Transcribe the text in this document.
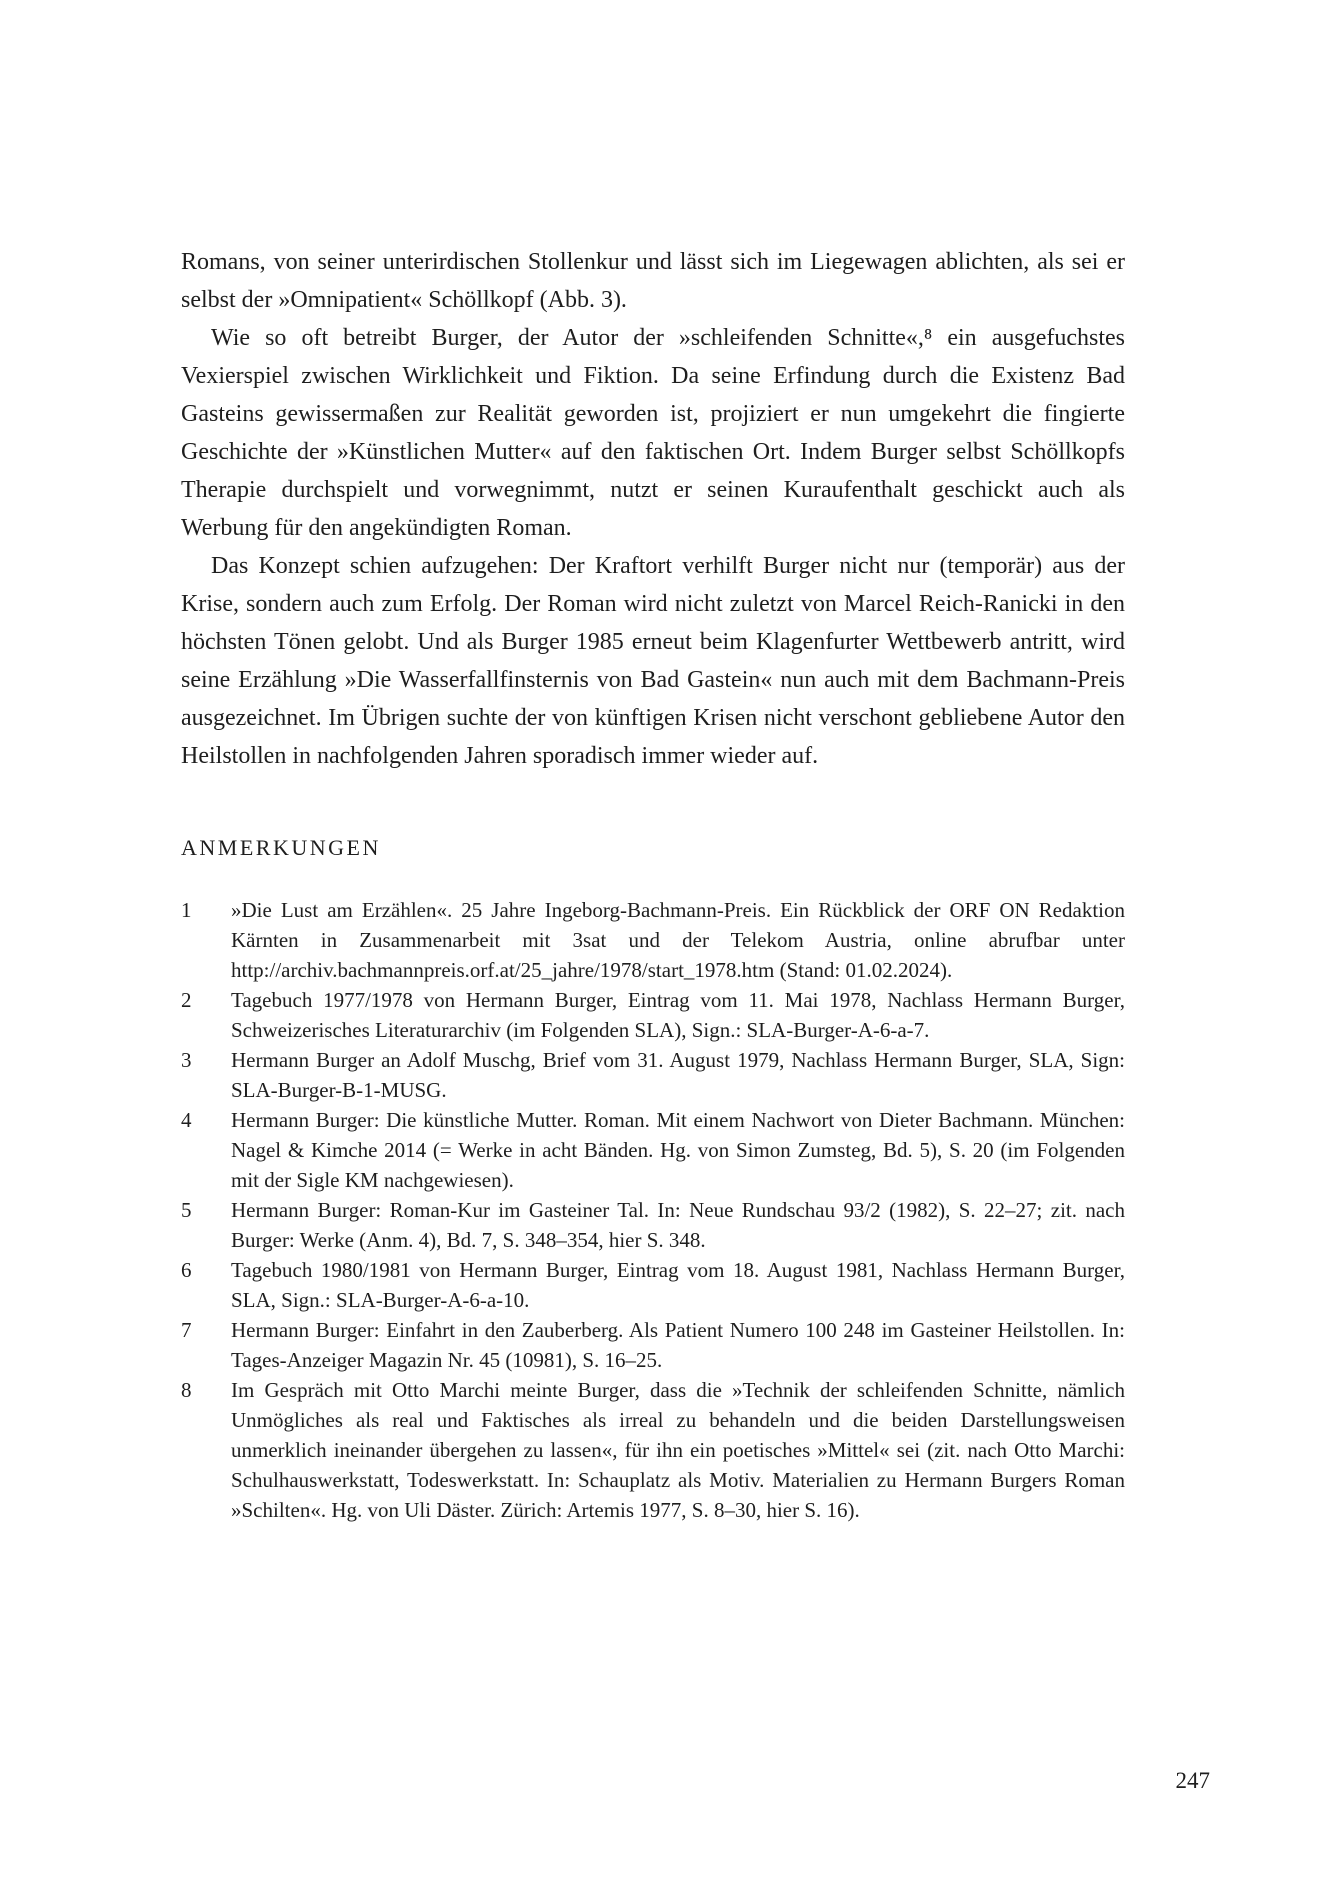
Romans, von seiner unterirdischen Stollenkur und lässt sich im Liegewagen ablichten, als sei er selbst der »Omnipatient« Schöllkopf (Abb. 3).

Wie so oft betreibt Burger, der Autor der »schleifenden Schnitte«,⁸ ein ausgefuchstes Vexierspiel zwischen Wirklichkeit und Fiktion. Da seine Erfindung durch die Existenz Bad Gasteins gewissermaßen zur Realität geworden ist, projiziert er nun umgekehrt die fingierte Geschichte der »Künstlichen Mutter« auf den faktischen Ort. Indem Burger selbst Schöllkopfs Therapie durchspielt und vorwegnimmt, nutzt er seinen Kuraufenthalt geschickt auch als Werbung für den angekündigten Roman.

Das Konzept schien aufzugehen: Der Kraftort verhilft Burger nicht nur (temporär) aus der Krise, sondern auch zum Erfolg. Der Roman wird nicht zuletzt von Marcel Reich-Ranicki in den höchsten Tönen gelobt. Und als Burger 1985 erneut beim Klagenfurter Wettbewerb antritt, wird seine Erzählung »Die Wasserfallfinsternis von Bad Gastein« nun auch mit dem Bachmann-Preis ausgezeichnet. Im Übrigen suchte der von künftigen Krisen nicht verschont gebliebene Autor den Heilstollen in nachfolgenden Jahren sporadisch immer wieder auf.

ANMERKUNGEN
1	»Die Lust am Erzählen«. 25 Jahre Ingeborg-Bachmann-Preis. Ein Rückblick der ORF ON Redaktion Kärnten in Zusammenarbeit mit 3sat und der Telekom Austria, online abrufbar unter http://archiv.bachmannpreis.orf.at/25_jahre/1978/start_1978.htm (Stand: 01.02.2024).
2	Tagebuch 1977/1978 von Hermann Burger, Eintrag vom 11. Mai 1978, Nachlass Hermann Burger, Schweizerisches Literaturarchiv (im Folgenden SLA), Sign.: SLA-Burger-A-6-a-7.
3	Hermann Burger an Adolf Muschg, Brief vom 31. August 1979, Nachlass Hermann Burger, SLA, Sign: SLA-Burger-B-1-MUSG.
4	Hermann Burger: Die künstliche Mutter. Roman. Mit einem Nachwort von Dieter Bachmann. München: Nagel & Kimche 2014 (= Werke in acht Bänden. Hg. von Simon Zumsteg, Bd. 5), S. 20 (im Folgenden mit der Sigle KM nachgewiesen).
5	Hermann Burger: Roman-Kur im Gasteiner Tal. In: Neue Rundschau 93/2 (1982), S. 22–27; zit. nach Burger: Werke (Anm. 4), Bd. 7, S. 348–354, hier S. 348.
6	Tagebuch 1980/1981 von Hermann Burger, Eintrag vom 18. August 1981, Nachlass Hermann Burger, SLA, Sign.: SLA-Burger-A-6-a-10.
7	Hermann Burger: Einfahrt in den Zauberberg. Als Patient Numero 100 248 im Gasteiner Heilstollen. In: Tages-Anzeiger Magazin Nr. 45 (10981), S. 16–25.
8	Im Gespräch mit Otto Marchi meinte Burger, dass die »Technik der schleifenden Schnitte, nämlich Unmögliches als real und Faktisches als irreal zu behandeln und die beiden Darstellungsweisen unmerklich ineinander übergehen zu lassen«, für ihn ein poetisches »Mittel« sei (zit. nach Otto Marchi: Schulhauswerkstatt, Todeswerkstatt. In: Schauplatz als Motiv. Materialien zu Hermann Burgers Roman »Schilten«. Hg. von Uli Däster. Zürich: Artemis 1977, S. 8–30, hier S. 16).
247
